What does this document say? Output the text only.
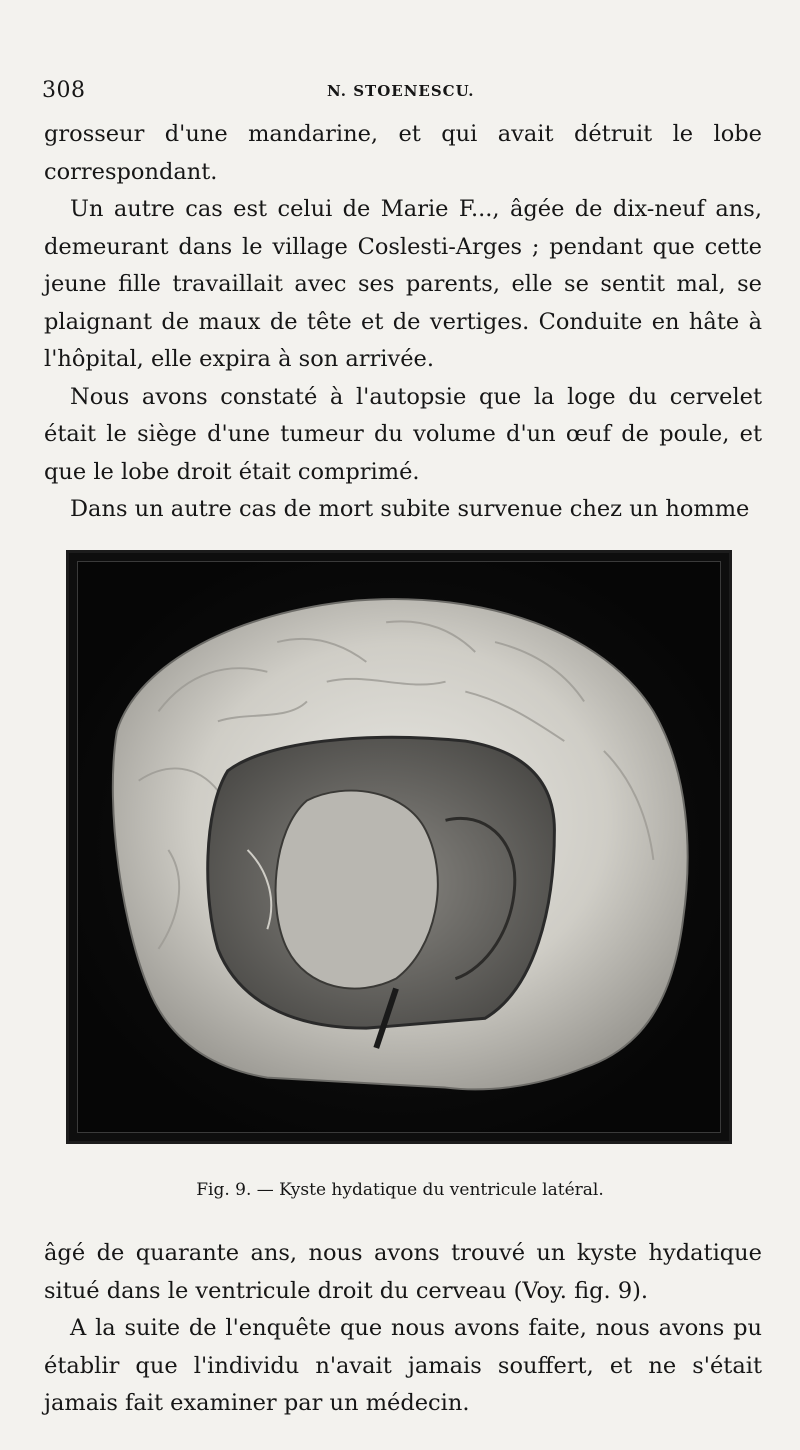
308	N. STOENESCU.

grosseur d'une mandarine, et qui avait détruit le lobe correspondant.

Un autre cas est celui de Marie F..., âgée de dix-neuf ans, demeurant dans le village Coslesti-Arges ; pendant que cette jeune fille travaillait avec ses parents, elle se sentit mal, se plaignant de maux de tête et de vertiges. Conduite en hâte à l'hôpital, elle expira à son arrivée.

Nous avons constaté à l'autopsie que la loge du cervelet était le siège d'une tumeur du volume d'un œuf de poule, et que le lobe droit était comprimé.

Dans un autre cas de mort subite survenue chez un homme

Fig. 9. — Kyste hydatique du ventricule latéral.

âgé de quarante ans, nous avons trouvé un kyste hydatique situé dans le ventricule droit du cerveau (Voy. fig. 9).

A la suite de l'enquête que nous avons faite, nous avons pu établir que l'individu n'avait jamais souffert, et ne s'était jamais fait examiner par un médecin.
